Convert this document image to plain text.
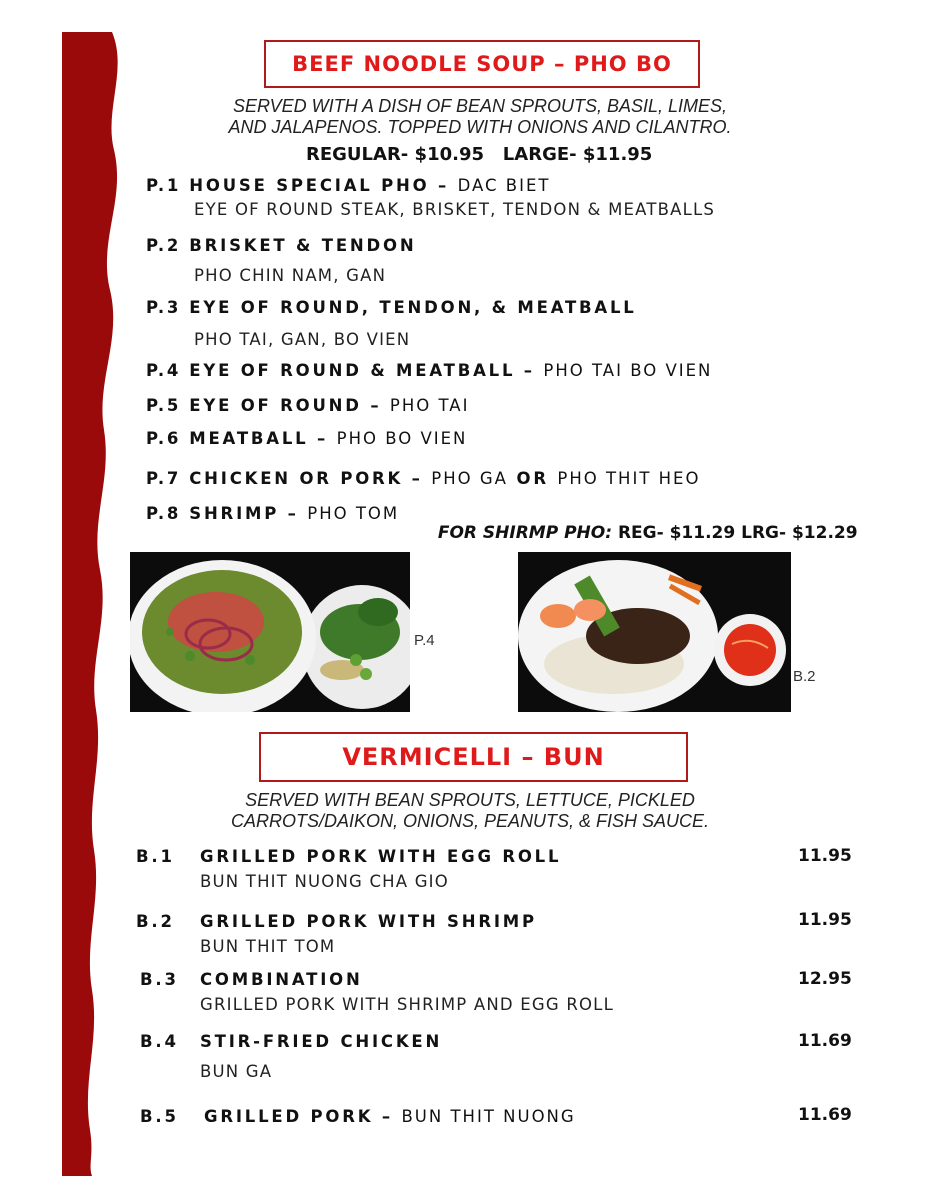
BEEF NOODLE SOUP – PHO BO
SERVED WITH A DISH OF BEAN SPROUTS, BASIL, LIMES,
AND JALAPENOS. TOPPED WITH ONIONS AND CILANTRO.
REGULAR- $10.95   LARGE- $11.95
P.1 HOUSE SPECIAL PHO – DAC BIET
EYE OF ROUND STEAK, BRISKET, TENDON & MEATBALLS
P.2 BRISKET & TENDON
PHO CHIN NAM, GAN
P.3 EYE OF ROUND, TENDON, & MEATBALL
PHO TAI, GAN, BO VIEN
P.4 EYE OF ROUND & MEATBALL – PHO TAI BO VIEN
P.5 EYE OF ROUND – PHO TAI
P.6 MEATBALL – PHO BO VIEN
P.7 CHICKEN OR PORK – PHO GA OR PHO THIT HEO
P.8 SHRIMP – PHO TOM

FOR SHIRMP PHO: REG- $11.29 LRG- $12.29

P.4
B.2
VERMICELLI – BUN
SERVED WITH BEAN SPROUTS, LETTUCE, PICKLED
CARROTS/DAIKON, ONIONS, PEANUTS, & FISH SAUCE.
B.1 GRILLED PORK WITH EGG ROLL
BUN THIT NUONG CHA GIO
11.95
B.2 GRILLED PORK WITH SHRIMP
BUN THIT TOM
11.95
B.3 COMBINATION
GRILLED PORK WITH SHRIMP AND EGG ROLL
12.95
B.4 STIR-FRIED CHICKEN
BUN GA
11.69
B.5 GRILLED PORK – BUN THIT NUONG	11.69
